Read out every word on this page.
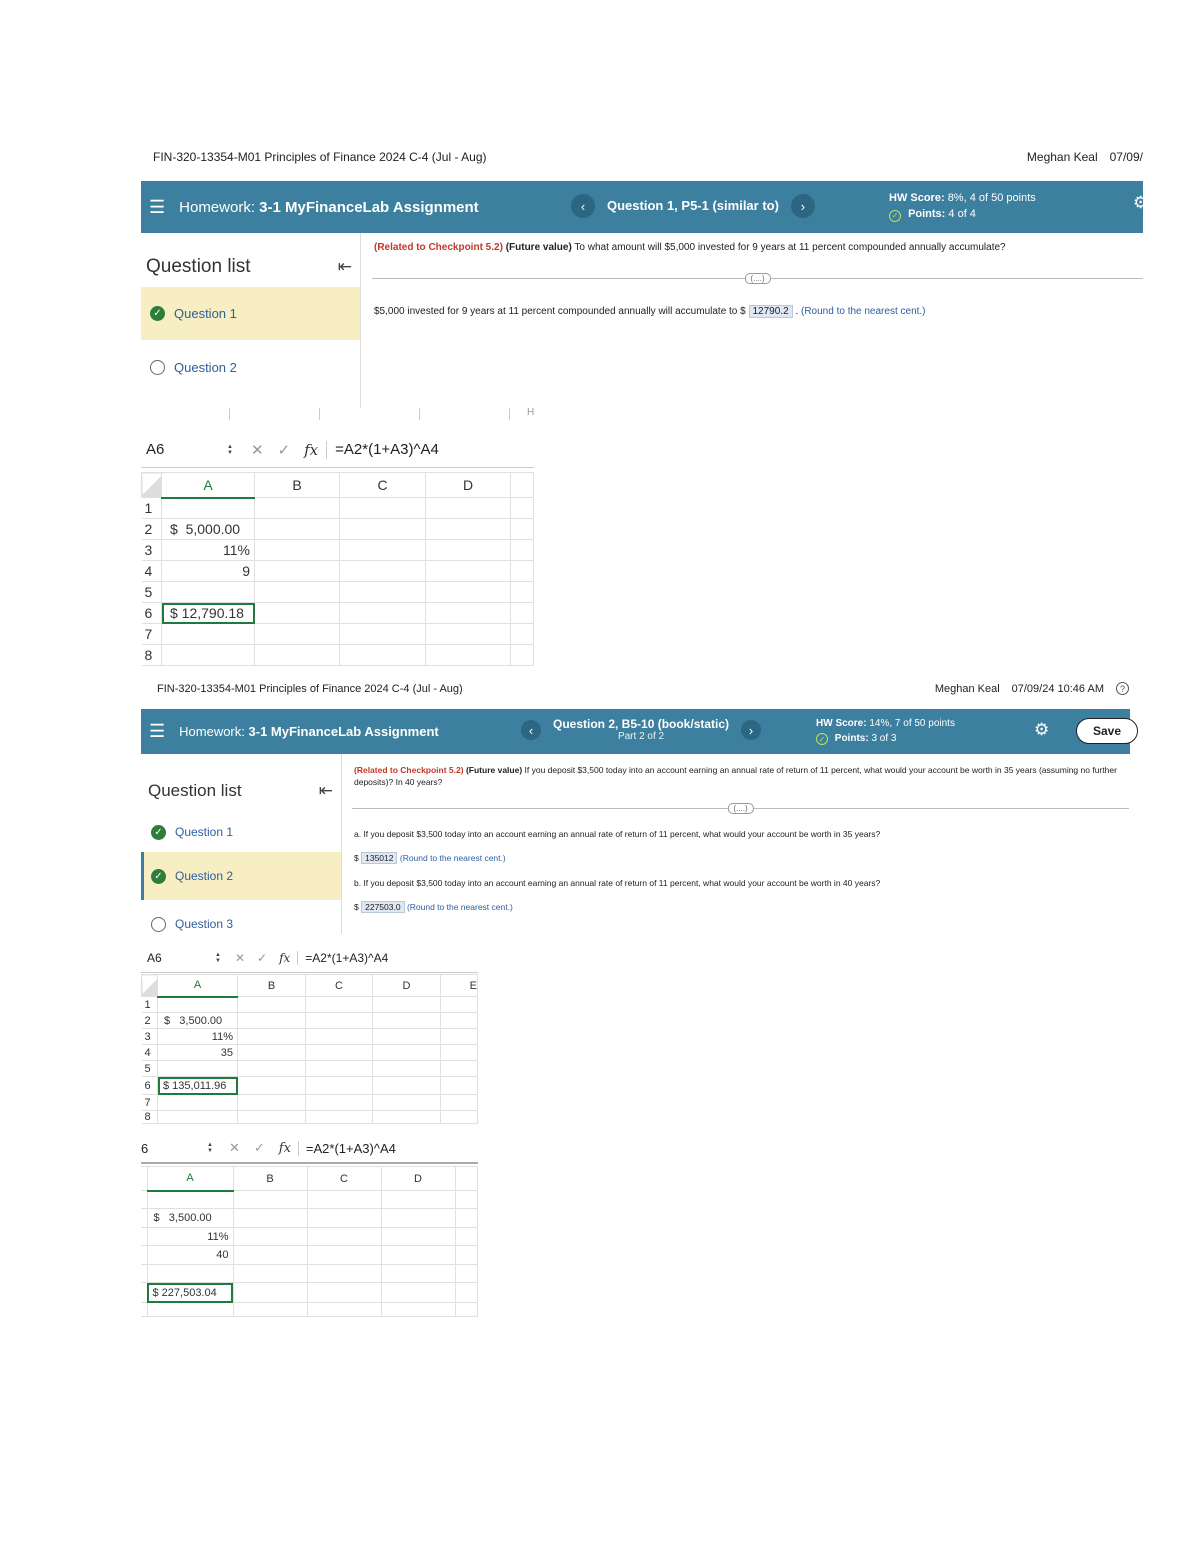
FIN-320-13354-M01 Principles of Finance 2024 C-4 (Jul - Aug)	Meghan Keal 07/09/
☰ Homework: 3-1 MyFinanceLab Assignment	‹	Question 1, P5-1 (similar to)	›
HW Score: 8%, 4 of 50 points
✓ Points: 4 of 4
⚙
Question list	⇤
✓ Question 1
Question 2
(Related to Checkpoint 5.2) (Future value) To what amount will $5,000 invested for 9 years at 11 percent compounded annually accumulate?
(....)
$5,000 invested for 9 years at 11 percent compounded annually will accumulate to $ 12790.2 . (Round to the nearest cent.)
H
A6	▲
▼ ✕ ✓ fx	=A2*(1+A3)^A4
	A	B	C	D	
1					
2	$ 5,000.00				
3	11%				
4	9				
5					
6	$ 12,790.18				
7					
8					
FIN-320-13354-M01 Principles of Finance 2024 C-4 (Jul - Aug)	Meghan Keal 07/09/24 10:46 AM	?
☰ Homework: 3-1 MyFinanceLab Assignment	‹	Question 2, B5-10 (book/static)
Part 2 of 2	›	HW Score: 14%, 7 of 50 points
✓ Points: 3 of 3	⚙	Save
Question list	⇤
✓ Question 1
✓ Question 2
Question 3
(Related to Checkpoint 5.2) (Future value) If you deposit $3,500 today into an account earning an annual rate of return of 11 percent, what would your account be worth in 35 years (assuming no further deposits)? In 40 years?
(....)
a. If you deposit $3,500 today into an account earning an annual rate of return of 11 percent, what would your account be worth in 35 years?
$ 135012 (Round to the nearest cent.)
b. If you deposit $3,500 today into an account earning an annual rate of return of 11 percent, what would your account be worth in 40 years?
$ 227503.0 (Round to the nearest cent.)
A6	▲
▼ ✕ ✓ fx	=A2*(1+A3)^A4
	A	B	C	D	E
1					
2	$ 3,500.00				
3	11%				
4	35				
5					
6	$ 135,011.96				
7					
8					
6	▲
▼ ✕ ✓ fx	=A2*(1+A3)^A4
	A	B	C	D	

	$ 3,500.00				
	11%				
	40				

	$ 227,503.04				
